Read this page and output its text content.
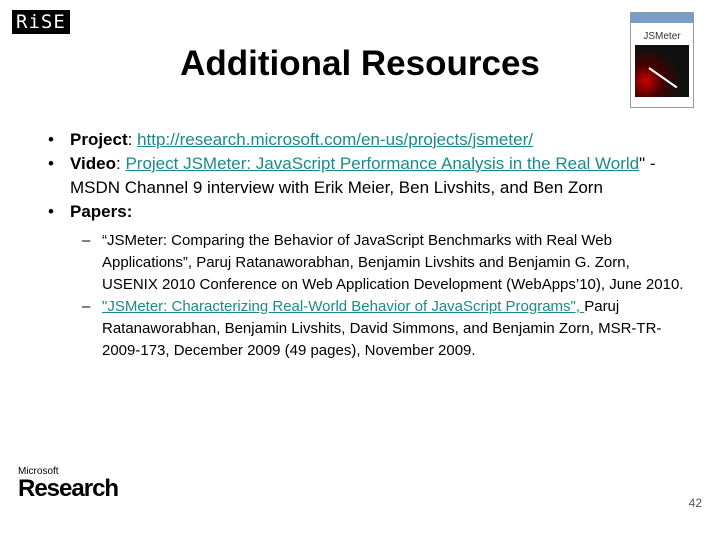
RiSE
Additional Resources
JSMeter
• Project: http://research.microsoft.com/en-us/projects/jsmeter/
• Video: Project JSMeter: JavaScript Performance Analysis in the Real World" - MSDN Channel 9 interview with Erik Meier, Ben Livshits, and Ben Zorn
• Papers:
– “JSMeter: Comparing the Behavior of JavaScript Benchmarks with Real Web Applications”, Paruj Ratanaworabhan, Benjamin Livshits and Benjamin G. Zorn, USENIX 2010 Conference on Web Application Development (WebApps’10), June 2010.
– "JSMeter: Characterizing Real-World Behavior of JavaScript Programs", Paruj Ratanaworabhan, Benjamin Livshits, David Simmons, and Benjamin Zorn, MSR-TR-2009-173, December 2009 (49 pages), November 2009.
Microsoft
Research
42
